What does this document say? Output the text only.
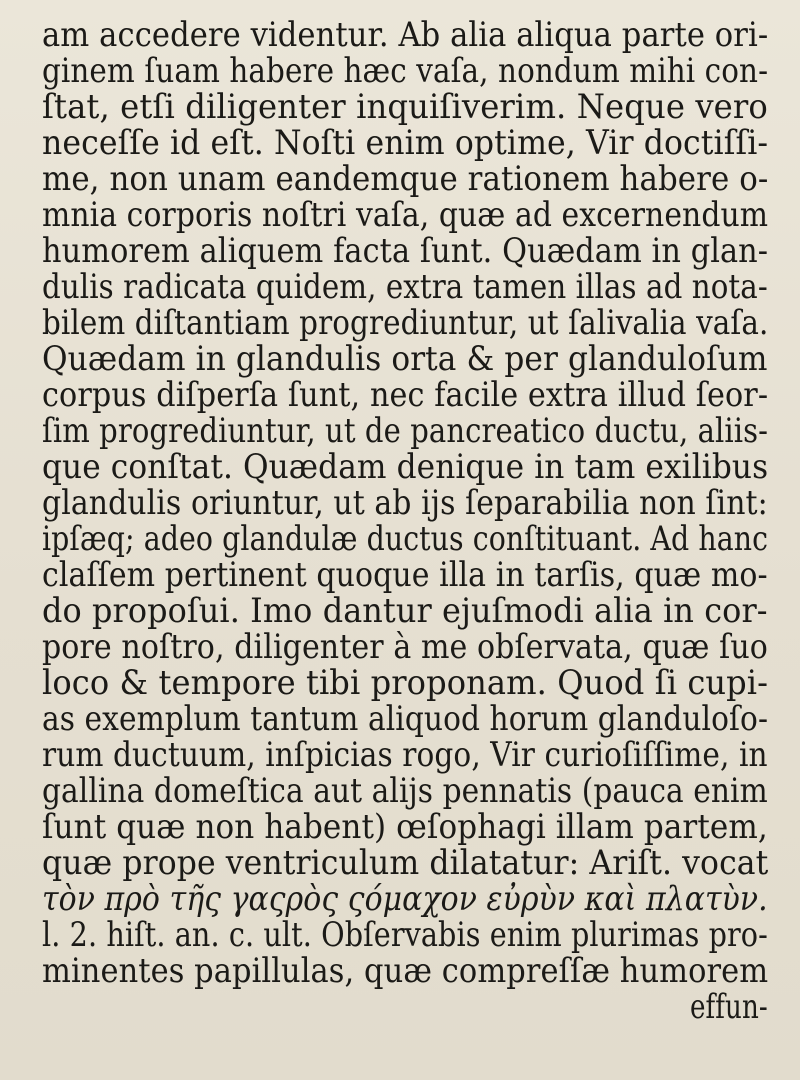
am accedere videntur. Ab alia aliqua parte ori-
ginem ſuam habere hæc vaſa, nondum mihi con-
ſtat, etſi diligenter inquiſiverim. Neque vero
neceſſe id eſt. Noſti enim optime, Vir doctiſſi-
me, non unam eandemque rationem habere o-
mnia corporis noſtri vaſa, quæ ad excernendum
humorem aliquem facta ſunt. Quædam in glan-
dulis radicata quidem, extra tamen illas ad nota-
bilem diſtantiam progrediuntur, ut ſalivalia vaſa.
Quædam in glandulis orta & per glanduloſum
corpus diſperſa ſunt, nec facile extra illud ſeor-
ſim progrediuntur, ut de pancreatico ductu, aliis-
que conſtat. Quædam denique in tam exilibus
glandulis oriuntur, ut ab ijs ſeparabilia non ſint:
ipſæq; adeo glandulæ ductus conſtituant. Ad hanc
claſſem pertinent quoque illa in tarſis, quæ mo-
do propoſui. Imo dantur ejuſmodi alia in cor-
pore noſtro, diligenter à me obſervata, quæ ſuo
loco & tempore tibi proponam. Quod ſi cupi-
as exemplum tantum aliquod horum glanduloſo-
rum ductuum, inſpicias rogo, Vir curioſiſſime, in
gallina domeſtica aut alijs pennatis (pauca enim
ſunt quæ non habent) œſophagi illam partem,
quæ prope ventriculum dilatatur: Ariſt. vocat
τὸν πρὸ τῆς γαςρὸς ςόμαχον εὐρὺν καὶ πλατὺν.
l. 2. hiſt. an. c. ult. Obſervabis enim plurimas pro-
minentes papillulas, quæ compreſſæ humorem
effun-
